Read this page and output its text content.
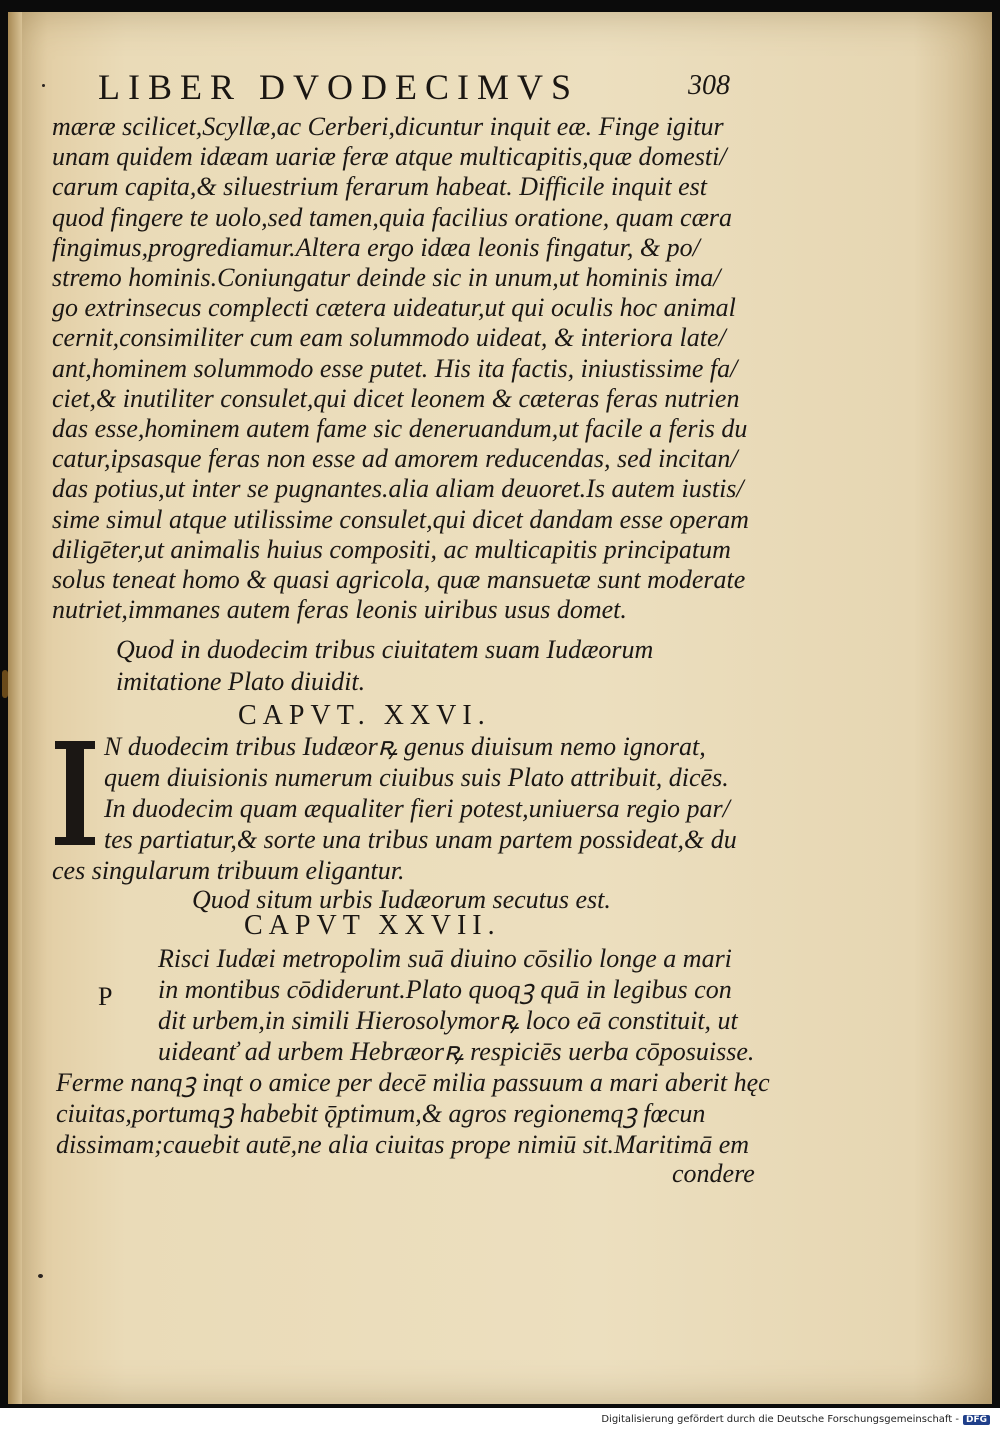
LIBER DVODECIMVS	308
mæræ scilicet,Scyllæ,ac Cerberi,dicuntur inquit eæ. Finge igitur
unam quidem idæam uariæ feræ atque multicapitis,quæ domesti/
carum capita,& siluestrium ferarum habeat. Difficile inquit est
quod fingere te uolo,sed tamen,quia facilius oratione, quam cæra
fingimus,progrediamur.Altera ergo idæa leonis fingatur, & po/
stremo hominis.Coniungatur deinde sic in unum,ut hominis ima/
go extrinsecus complecti cætera uideatur,ut qui oculis hoc animal
cernit,consimiliter cum eam solummodo uideat, & interiora late/
ant,hominem solummodo esse putet. His ita factis, iniustissime fa/
ciet,& inutiliter consulet,qui dicet leonem & cæteras feras nutrien
das esse,hominem autem fame sic deneruandum,ut facile a feris du
catur,ipsasque feras non esse ad amorem reducendas, sed incitan/
das potius,ut inter se pugnantes.alia aliam deuoret.Is autem iustis/
sime simul atque utilissime consulet,qui dicet dandam esse operam
diligēter,ut animalis huius compositi, ac multicapitis principatum
solus teneat homo & quasi agricola, quæ mansuetæ sunt moderate
nutriet,immanes autem feras leonis uiribus usus domet.
Quod in duodecim tribus ciuitatem suam Iudæorum
imitatione Plato diuidit.
CAPVT. XXVI.
N duodecim tribus Iudæorꝶ genus diuisum nemo ignorat,
quem diuisionis numerum ciuibus suis Plato attribuit, dicēs.
In duodecim quam æqualiter fieri potest,uniuersa regio par/
tes partiatur,& sorte una tribus unam partem possideat,& du
ces singularum tribuum eligantur.
Quod situm urbis Iudæorum secutus est.
CAPVT XXVII.
P
Risci Iudæi metropolim suā diuino cōsilio longe a mari
in montibus cōdiderunt.Plato quoqꝫ quā in legibus con
dit urbem,in simili Hierosolymorꝶ loco eā constituit, ut
uideanť ad urbem Hebræorꝶ respiciēs uerba cōposuisse.
Ferme nanqꝫ inqt o amice per decē milia passuum a mari aberit hęc
ciuitas,portumqꝫ habebit ǭptimum,& agros regionemqꝫ fœcun
dissimam;cauebit autē,ne alia ciuitas prope nimiū sit.Maritimā em
condere
Digitalisierung gefördert durch die Deutsche Forschungsgemeinschaft - DFG
